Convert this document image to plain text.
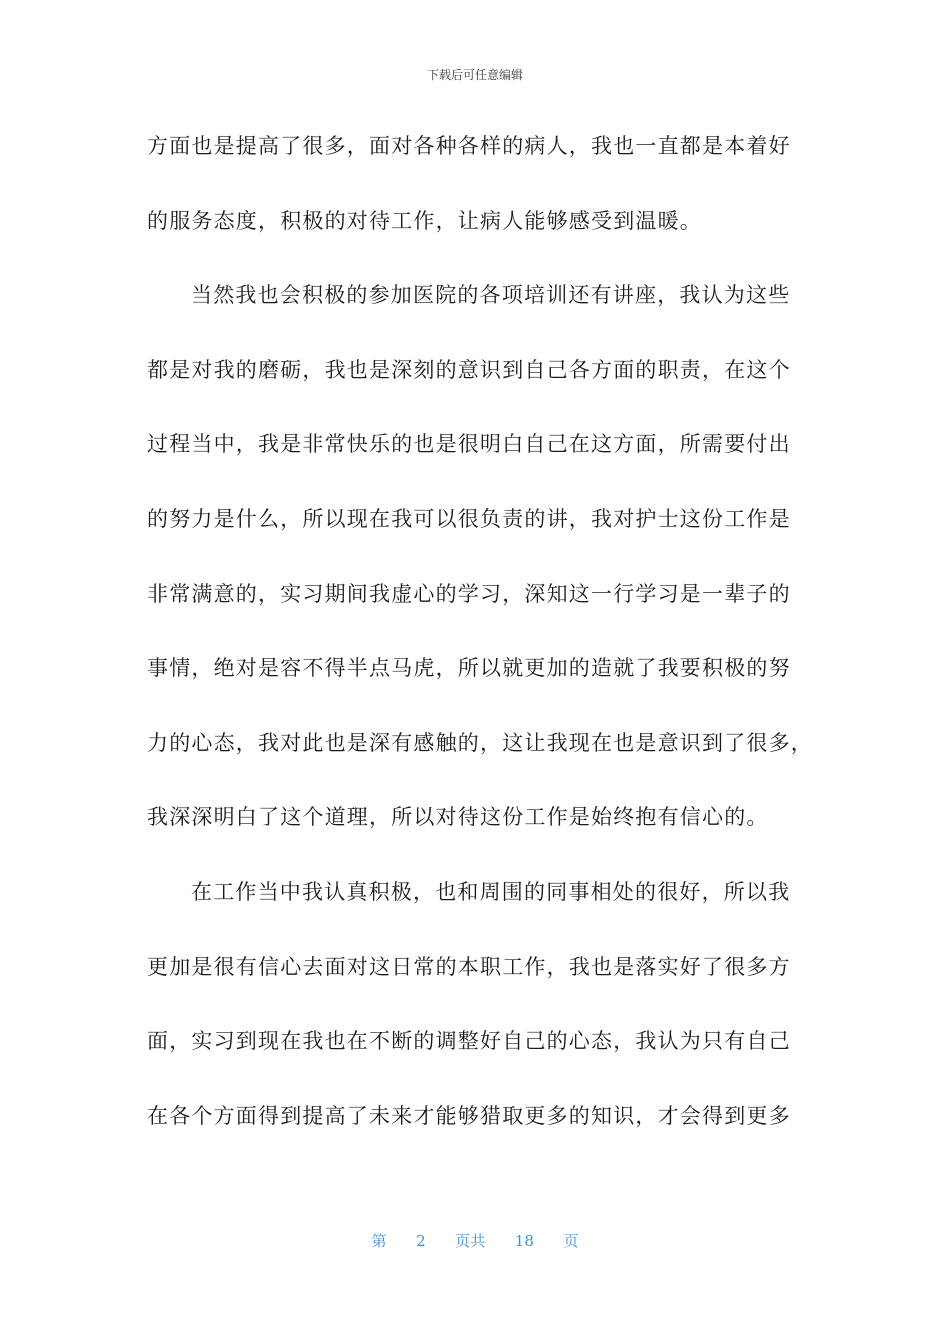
下载后可任意编辑
方面也是提高了很多，面对各种各样的病人，我也一直都是本着好
的服务态度，积极的对待工作，让病人能够感受到温暖。
当然我也会积极的参加医院的各项培训还有讲座，我认为这些
都是对我的磨砺，我也是深刻的意识到自己各方面的职责，在这个
过程当中，我是非常快乐的也是很明白自己在这方面，所需要付出
的努力是什么，所以现在我可以很负责的讲，我对护士这份工作是
非常满意的，实习期间我虚心的学习，深知这一行学习是一辈子的
事情，绝对是容不得半点马虎，所以就更加的造就了我要积极的努
力的心态，我对此也是深有感触的，这让我现在也是意识到了很多，
我深深明白了这个道理，所以对待这份工作是始终抱有信心的。
在工作当中我认真积极，也和周围的同事相处的很好，所以我
更加是很有信心去面对这日常的本职工作，我也是落实好了很多方
面，实习到现在我也在不断的调整好自己的心态，我认为只有自己
在各个方面得到提高了未来才能够猎取更多的知识，才会得到更多
第 2 页共 18 页
